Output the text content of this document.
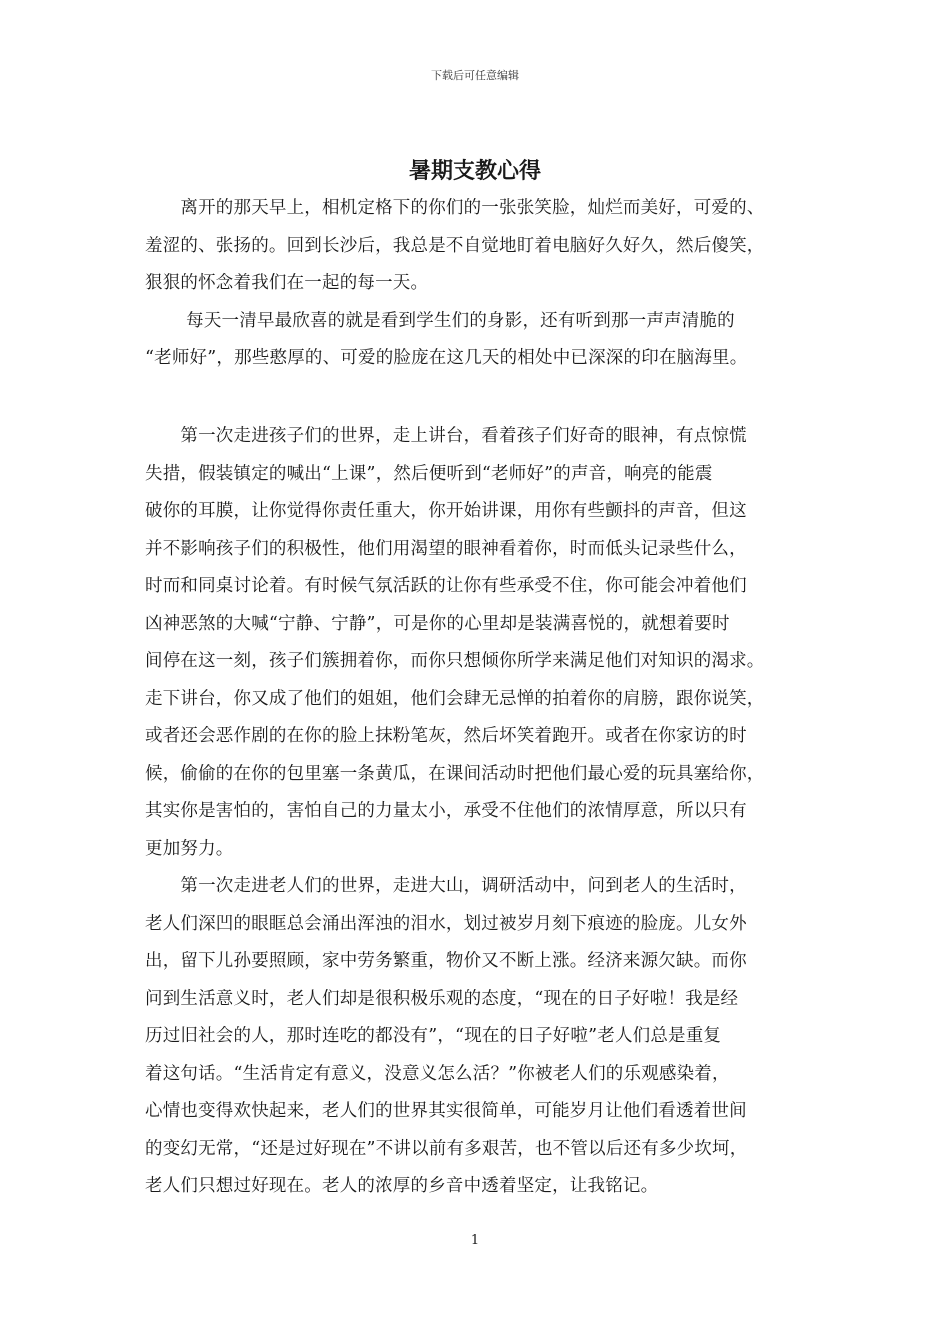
下载后可任意编辑
暑期支教心得
　　离开的那天早上，相机定格下的你们的一张张笑脸，灿烂而美好，可爱的、
羞涩的、张扬的。回到长沙后，我总是不自觉地盯着电脑好久好久，然后傻笑，
狠狠的怀念着我们在一起的每一天。
　　 每天一清早最欣喜的就是看到学生们的身影，还有听到那一声声清脆的
“老师好”，那些憨厚的、可爱的脸庞在这几天的相处中已深深的印在脑海里。
　　第一次走进孩子们的世界，走上讲台，看着孩子们好奇的眼神，有点惊慌
失措，假装镇定的喊出“上课”，然后便听到“老师好”的声音，响亮的能震
破你的耳膜，让你觉得你责任重大，你开始讲课，用你有些颤抖的声音，但这
并不影响孩子们的积极性，他们用渴望的眼神看着你，时而低头记录些什么，
时而和同桌讨论着。有时候气氛活跃的让你有些承受不住，你可能会冲着他们
凶神恶煞的大喊“宁静、宁静”，可是你的心里却是装满喜悦的，就想着要时
间停在这一刻，孩子们簇拥着你，而你只想倾你所学来满足他们对知识的渴求。
走下讲台，你又成了他们的姐姐，他们会肆无忌惮的拍着你的肩膀，跟你说笑，
或者还会恶作剧的在你的脸上抹粉笔灰，然后坏笑着跑开。或者在你家访的时
候，偷偷的在你的包里塞一条黄瓜，在课间活动时把他们最心爱的玩具塞给你，
其实你是害怕的，害怕自己的力量太小，承受不住他们的浓情厚意，所以只有
更加努力。
　　第一次走进老人们的世界，走进大山，调研活动中，问到老人的生活时，
老人们深凹的眼眶总会涌出浑浊的泪水，划过被岁月刻下痕迹的脸庞。儿女外
出，留下儿孙要照顾，家中劳务繁重，物价又不断上涨。经济来源欠缺。而你
问到生活意义时，老人们却是很积极乐观的态度，“现在的日子好啦！我是经
历过旧社会的人，那时连吃的都没有”，“现在的日子好啦”老人们总是重复
着这句话。“生活肯定有意义，没意义怎么活？”你被老人们的乐观感染着，
心情也变得欢快起来，老人们的世界其实很简单，可能岁月让他们看透着世间
的变幻无常，“还是过好现在”不讲以前有多艰苦，也不管以后还有多少坎坷，
老人们只想过好现在。老人的浓厚的乡音中透着坚定，让我铭记。
1
